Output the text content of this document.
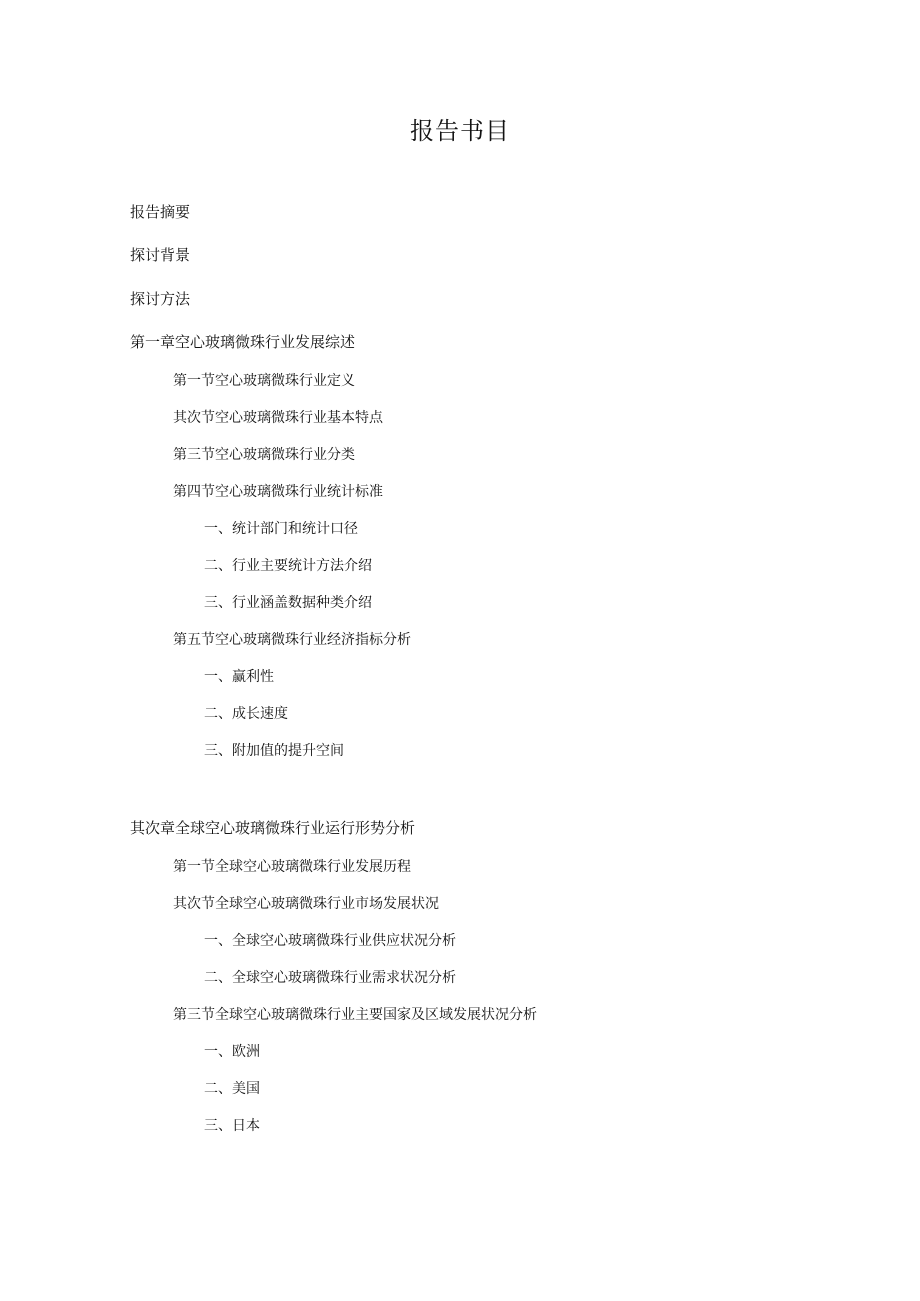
报告书目
报告摘要
探讨背景
探讨方法
第一章空心玻璃微珠行业发展综述
第一节空心玻璃微珠行业定义
其次节空心玻璃微珠行业基本特点
第三节空心玻璃微珠行业分类
第四节空心玻璃微珠行业统计标准
一、统计部门和统计口径
二、行业主要统计方法介绍
三、行业涵盖数据种类介绍
第五节空心玻璃微珠行业经济指标分析
一、赢利性
二、成长速度
三、附加值的提升空间
其次章全球空心玻璃微珠行业运行形势分析
第一节全球空心玻璃微珠行业发展历程
其次节全球空心玻璃微珠行业市场发展状况
一、全球空心玻璃微珠行业供应状况分析
二、全球空心玻璃微珠行业需求状况分析
第三节全球空心玻璃微珠行业主要国家及区域发展状况分析
一、欧洲
二、美国
三、日本
